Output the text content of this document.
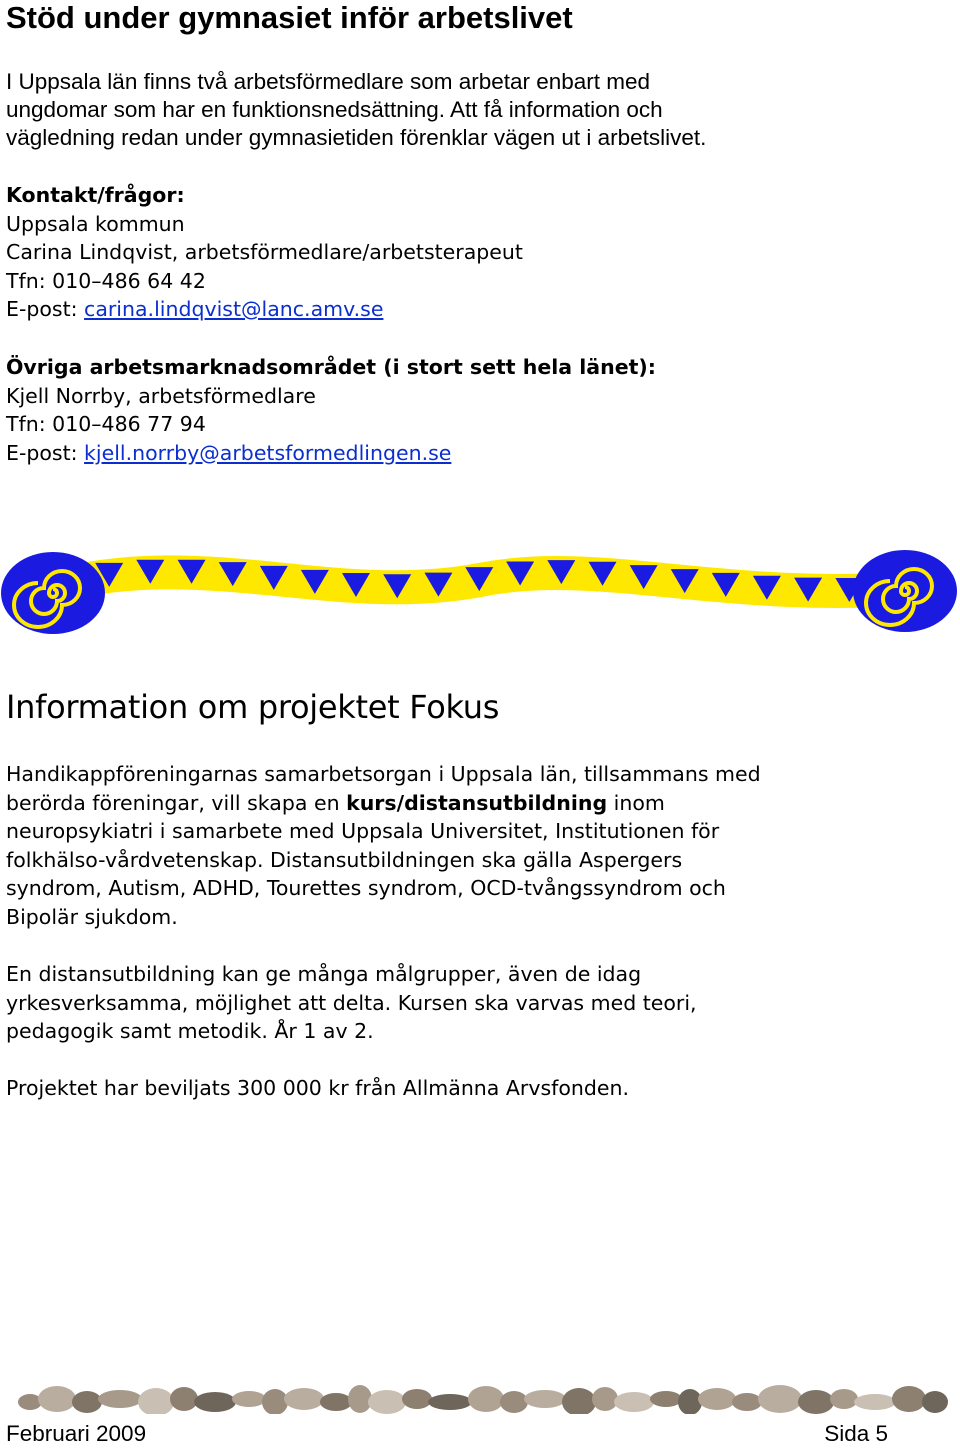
Stöd under gymnasiet inför arbetslivet
I Uppsala län finns två arbetsförmedlare som arbetar enbart med
ungdomar som har en funktionsnedsättning. Att få information och
vägledning redan under gymnasietiden förenklar vägen ut i arbetslivet.
Kontakt/frågor:
Uppsala kommun
Carina Lindqvist, arbetsförmedlare/arbetsterapeut
Tfn: 010–486 64 42
E-post: carina.lindqvist@lanc.amv.se
Övriga arbetsmarknadsområdet (i stort sett hela länet):
Kjell Norrby, arbetsförmedlare
Tfn: 010–486 77 94
E-post: kjell.norrby@arbetsformedlingen.se
Information om projektet Fokus
Handikappföreningarnas samarbetsorgan i Uppsala län, tillsammans med
berörda föreningar, vill skapa en kurs/distansutbildning inom
neuropsykiatri i samarbete med Uppsala Universitet, Institutionen för
folkhälso-vårdvetenskap. Distansutbildningen ska gälla Aspergers
syndrom, Autism, ADHD, Tourettes syndrom, OCD-tvångssyndrom och
Bipolär sjukdom.
En distansutbildning kan ge många målgrupper, även de idag
yrkesverksamma, möjlighet att delta. Kursen ska varvas med teori,
pedagogik samt metodik. År 1 av 2.
Projektet har beviljats 300 000 kr från Allmänna Arvsfonden.
Februari 2009	Sida 5
